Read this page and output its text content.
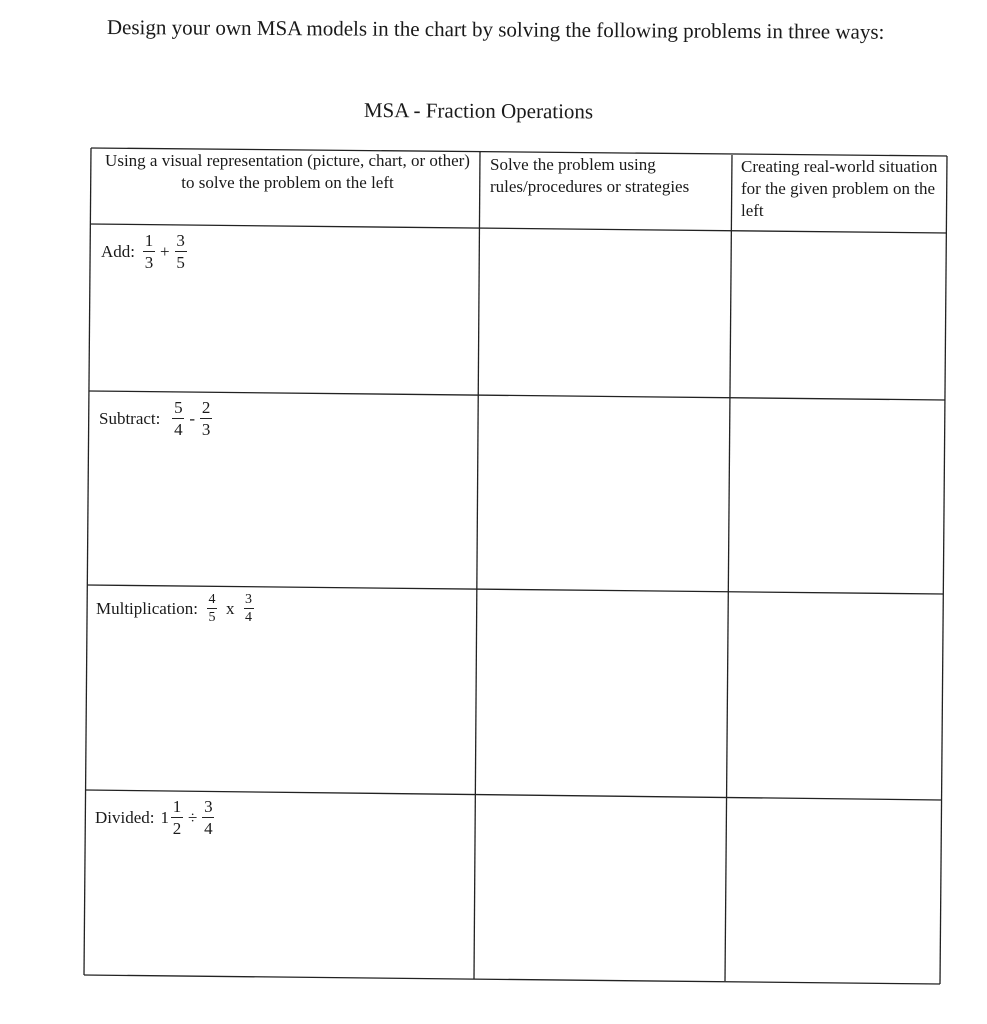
Design your own MSA models in the chart by solving the following problems in three ways:
MSA - Fraction Operations
Using a visual representation (picture, chart, or other) to solve the problem on the left
Solve the problem using rules/procedures or strategies
Creating real-world situation for the given problem on the left
Add: $\frac{1}{3} + \frac{3}{5}$
Subtract: $\frac{5}{4} - \frac{2}{3}$
Multiplication: $\frac{4}{5}$ x $\frac{3}{4}$
Divided: $1 \frac{1}{2} \div \frac{3}{4}$
